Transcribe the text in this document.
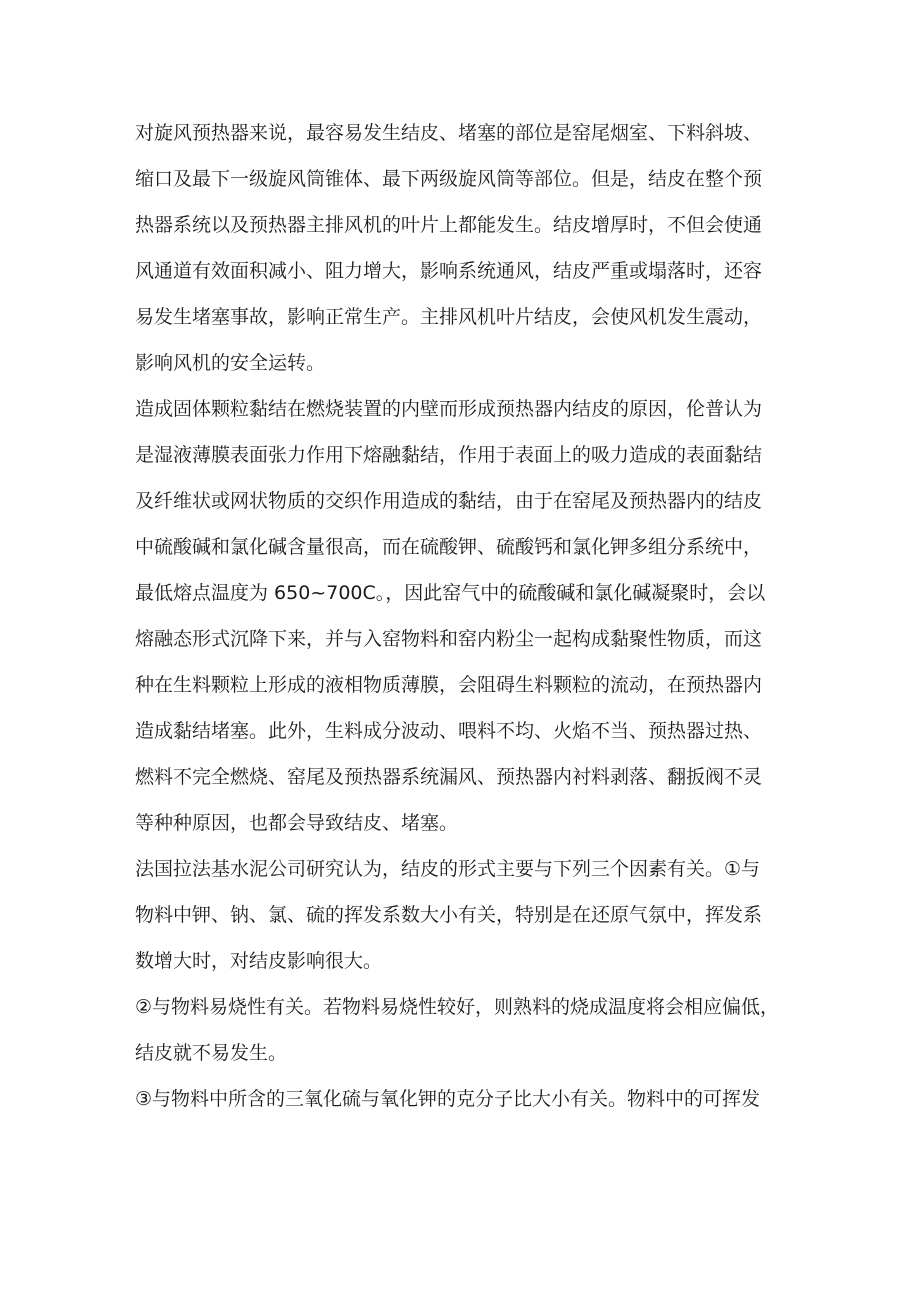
对旋风预热器来说，最容易发生结皮、堵塞的部位是窑尾烟室、下料斜坡、
缩口及最下一级旋风筒锥体、最下两级旋风筒等部位。但是，结皮在整个预
热器系统以及预热器主排风机的叶片上都能发生。结皮增厚时，不但会使通
风通道有效面积减小、阻力增大，影响系统通风，结皮严重或塌落时，还容
易发生堵塞事故，影响正常生产。主排风机叶片结皮，会使风机发生震动，
影响风机的安全运转。
造成固体颗粒黏结在燃烧装置的内壁而形成预热器内结皮的原因，伦普认为
是湿液薄膜表面张力作用下熔融黏结，作用于表面上的吸力造成的表面黏结
及纤维状或网状物质的交织作用造成的黏结，由于在窑尾及预热器内的结皮
中硫酸碱和氯化碱含量很高，而在硫酸钾、硫酸钙和氯化钾多组分系统中，
最低熔点温度为 650~700C。，因此窑气中的硫酸碱和氯化碱凝聚时，会以
熔融态形式沉降下来，并与入窑物料和窑内粉尘一起构成黏聚性物质，而这
种在生料颗粒上形成的液相物质薄膜，会阻碍生料颗粒的流动，在预热器内
造成黏结堵塞。此外，生料成分波动、喂料不均、火焰不当、预热器过热、
燃料不完全燃烧、窑尾及预热器系统漏风、预热器内衬料剥落、翻扳阀不灵
等种种原因，也都会导致结皮、堵塞。
法国拉法基水泥公司研究认为，结皮的形式主要与下列三个因素有关。①与
物料中钾、钠、氯、硫的挥发系数大小有关，特别是在还原气氛中，挥发系
数增大时，对结皮影响很大。
②与物料易烧性有关。若物料易烧性较好，则熟料的烧成温度将会相应偏低，
结皮就不易发生。
③与物料中所含的三氧化硫与氧化钾的克分子比大小有关。物料中的可挥发
